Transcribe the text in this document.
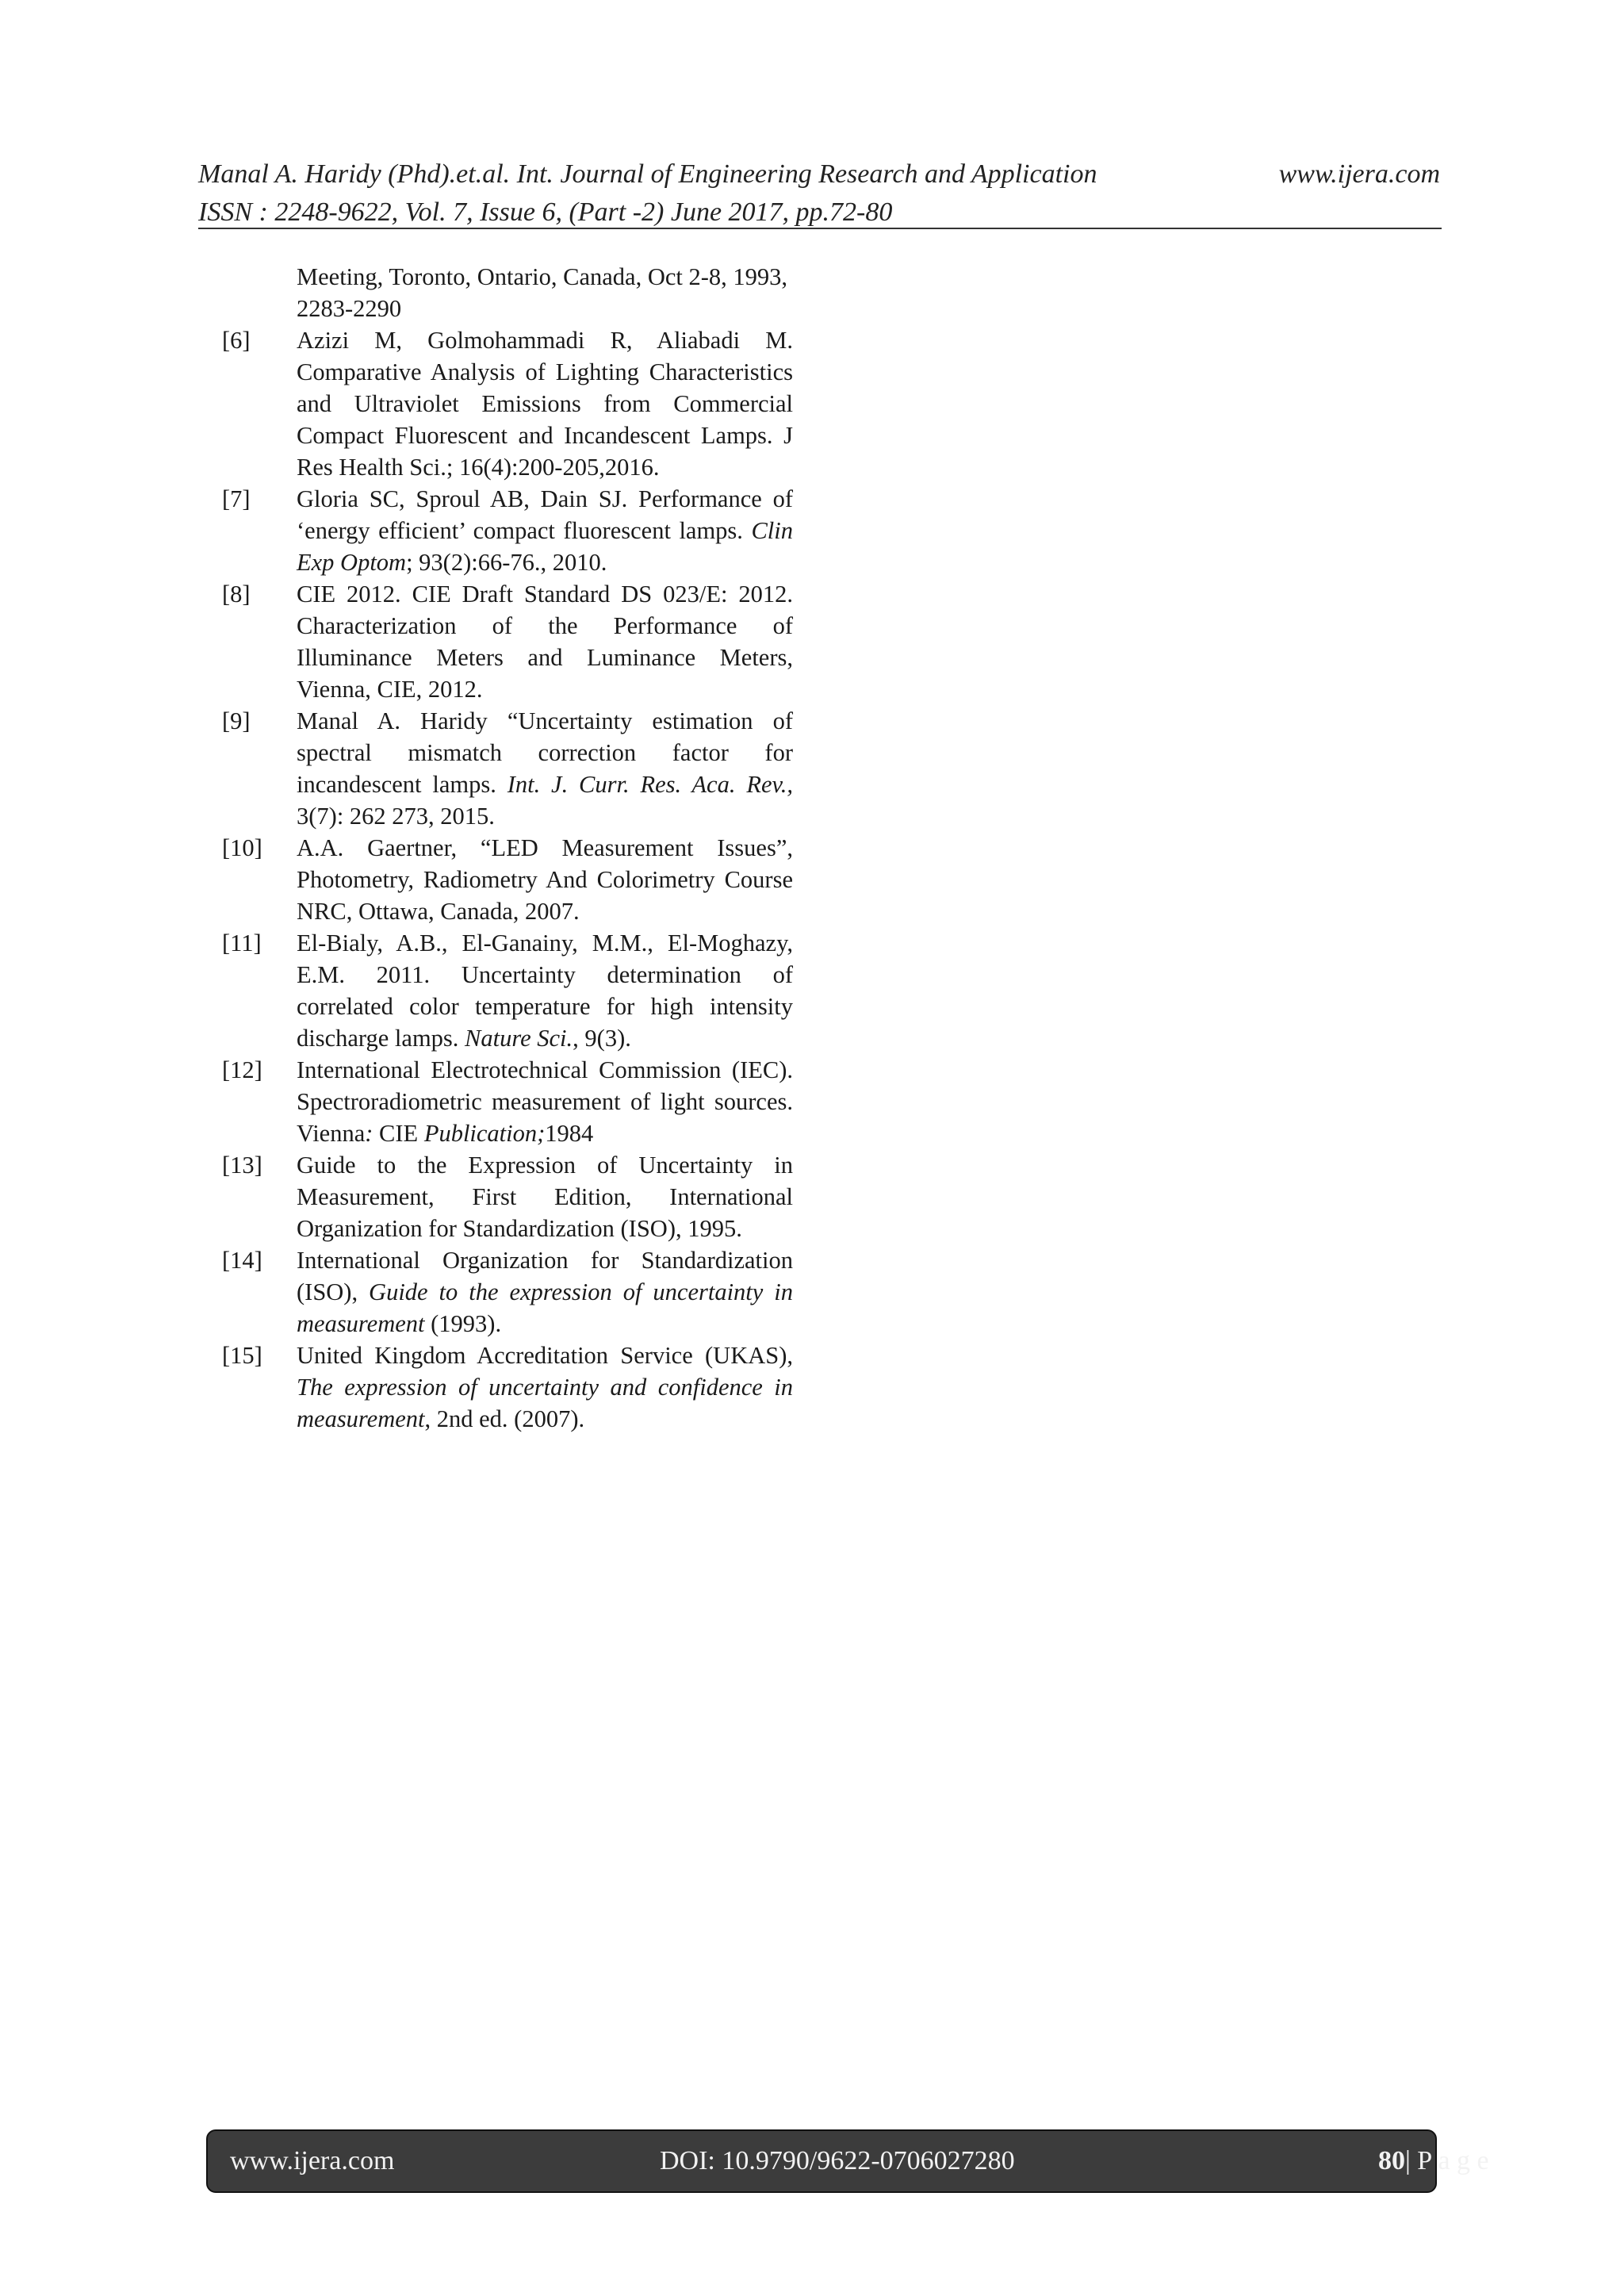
Manal A. Haridy (Phd).et.al. Int. Journal of Engineering Research and Application	www.ijera.com
ISSN : 2248-9622, Vol. 7, Issue 6, (Part -2) June 2017, pp.72-80
Meeting, Toronto, Ontario, Canada, Oct 2-8, 1993, 2283-2290
[6]	Azizi M, Golmohammadi R, Aliabadi M. Comparative Analysis of Lighting Characteristics and Ultraviolet Emissions from Commercial Compact Fluorescent and Incandescent Lamps. J Res Health Sci.; 16(4):200-205,2016.
[7]	Gloria SC, Sproul AB, Dain SJ. Performance of ‘energy efficient’ compact fluorescent lamps. Clin Exp Optom; 93(2):66-76., 2010.
[8]	CIE 2012. CIE Draft Standard DS 023/E: 2012. Characterization of the Performance of Illuminance Meters and Luminance Meters, Vienna, CIE, 2012.
[9]	Manal A. Haridy “Uncertainty estimation of spectral mismatch correction factor for incandescent lamps. Int. J. Curr. Res. Aca. Rev., 3(7): 262 273, 2015.
[10]	A.A. Gaertner, “LED Measurement Issues”, Photometry, Radiometry And Colorimetry Course NRC, Ottawa, Canada, 2007.
[11]	El-Bialy, A.B., El-Ganainy, M.M., El-Moghazy, E.M. 2011. Uncertainty determination of correlated color temperature for high intensity discharge lamps. Nature Sci., 9(3).
[12]	International Electrotechnical Commission (IEC). Spectroradiometric measurement of light sources. Vienna: CIE Publication;1984
[13]	Guide to the Expression of Uncertainty in Measurement, First Edition, International Organization for Standardization (ISO), 1995.
[14]	International Organization for Standardization (ISO), Guide to the expression of uncertainty in measurement (1993).
[15]	United Kingdom Accreditation Service (UKAS), The expression of uncertainty and confidence in measurement, 2nd ed. (2007).
www.ijera.com	DOI: 10.9790/9622-0706027280	80 | P a g e
